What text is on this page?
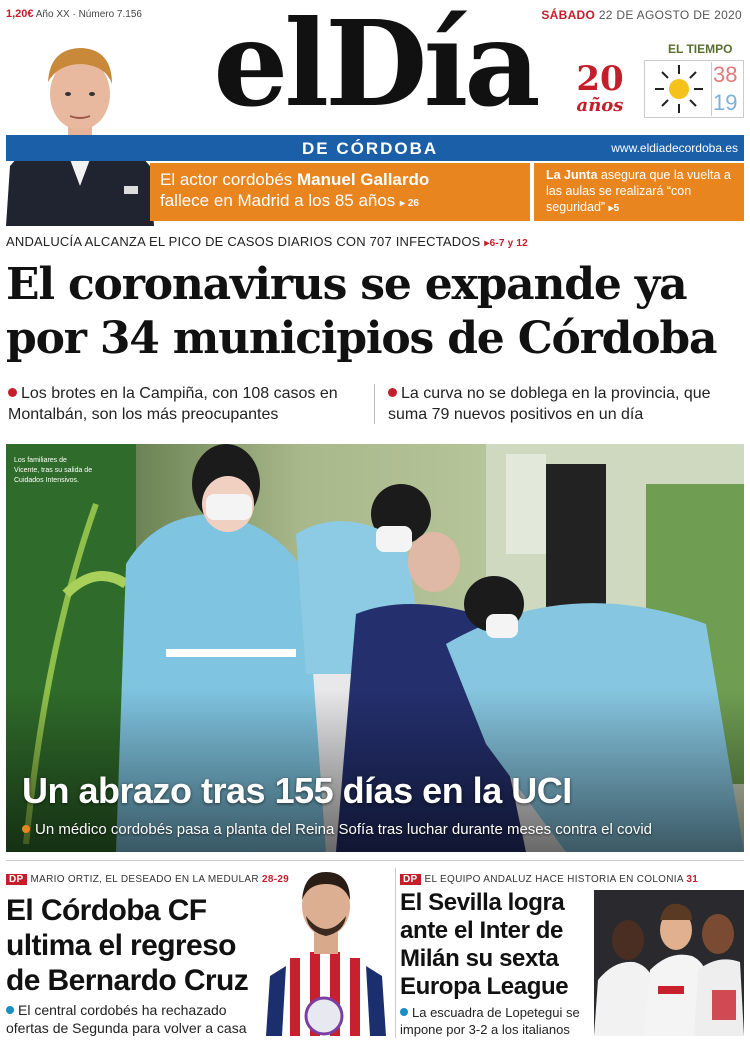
1,20€ Año XX · Número 7.156	SÁBADO 22 DE AGOSTO DE 2020
elDía	20
años
EL TIEMPO
38
19
DE CÓRDOBA	www.eldiadecordoba.es
El actor cordobés Manuel Gallardo
fallece en Madrid a los 85 años ▸ 26
La Junta asegura que la vuelta a las aulas se realizará “con seguridad” ▸5
ANDALUCÍA ALCANZA EL PICO DE CASOS DIARIOS CON 707 INFECTADOS ▸6-7 y 12
El coronavirus se expande ya
por 34 municipios de Córdoba
Los brotes en la Campiña, con 108 casos en Montalbán, son los más preocupantes
La curva no se doblega en la provincia, que suma 79 nuevos positivos en un día
Los familiares de Vicente, tras su salida de Cuidados Intensivos.
Un abrazo tras 155 días en la UCI
Un médico cordobés pasa a planta del Reina Sofía tras luchar durante meses contra el covid
DP MARIO ORTIZ, EL DESEADO EN LA MEDULAR 28-29
El Córdoba CF ultima el regreso de Bernardo Cruz
El central cordobés ha rechazado ofertas de Segunda para volver a casa
DP EL EQUIPO ANDALUZ HACE HISTORIA EN COLONIA 31
El Sevilla logra ante el Inter de Milán su sexta Europa League
La escuadra de Lopetegui se impone por 3-2 a los italianos
